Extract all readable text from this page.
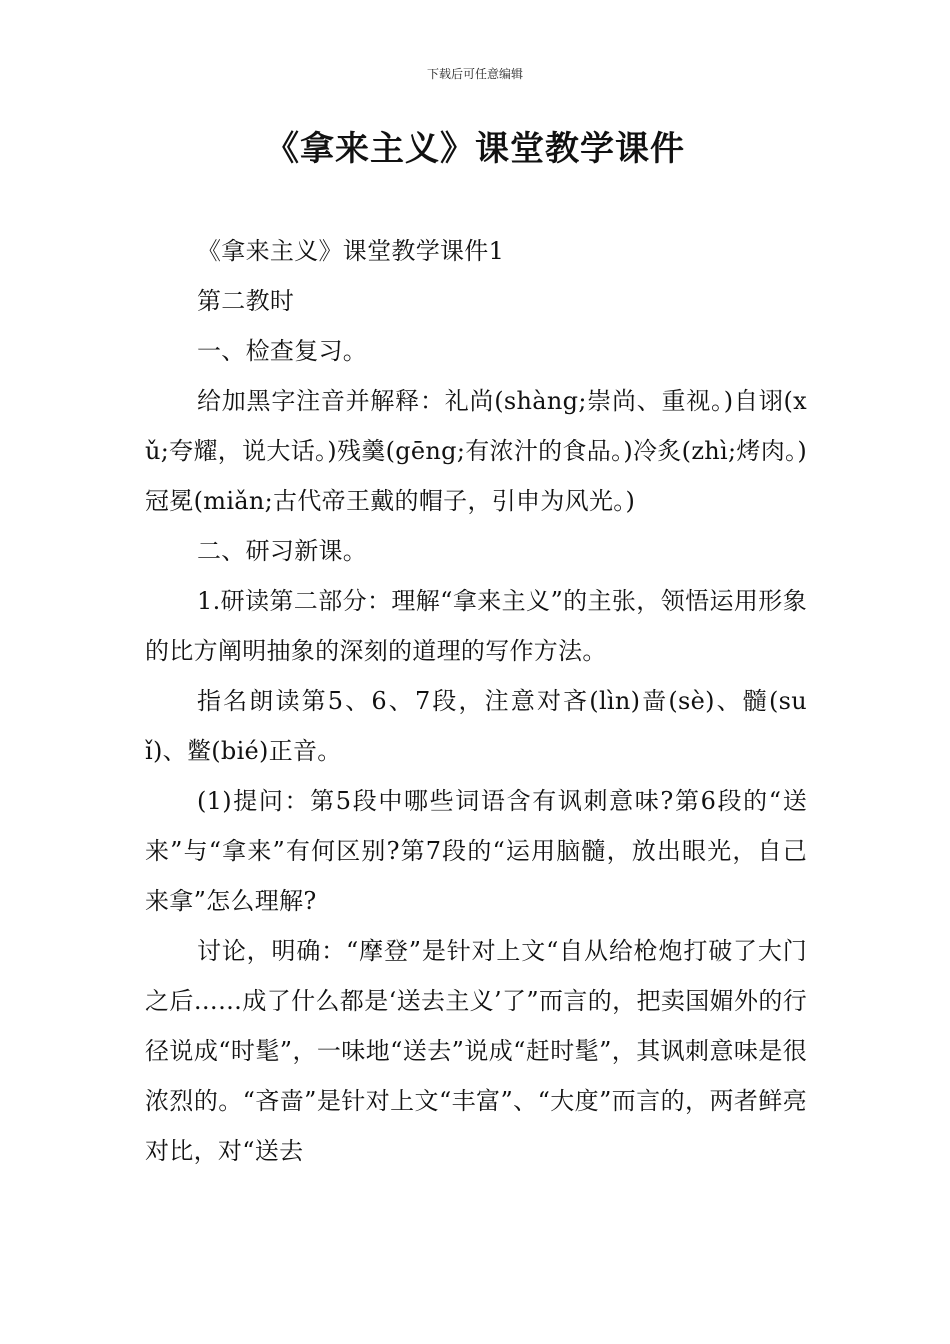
下载后可任意编辑
《拿来主义》课堂教学课件

《拿来主义》课堂教学课件1

第二教时

一、检查复习。

给加黑字注音并解释：礼尚(shàng;崇尚、重视。)自诩(xǔ;夸耀，说大话。)残羹(gēng;有浓汁的食品。)冷炙(zhì;烤肉。)冠冕(miǎn;古代帝王戴的帽子，引申为风光。)

二、研习新课。

1.研读第二部分：理解“拿来主义”的主张，领悟运用形象的比方阐明抽象的深刻的道理的写作方法。

指名朗读第5、6、7段，注意对吝(lìn)啬(sè)、髓(suǐ)、鳖(bié)正音。

(1)提问：第5段中哪些词语含有讽刺意味?第6段的“送来”与“拿来”有何区别?第7段的“运用脑髓，放出眼光，自己来拿”怎么理解?

讨论，明确：“摩登”是针对上文“自从给枪炮打破了大门之后……成了什么都是‘送去主义’了”而言的，把卖国媚外的行径说成“时髦”，一味地“送去”说成“赶时髦”，其讽刺意味是很浓烈的。“吝啬”是针对上文“丰富”、“大度”而言的，两者鲜亮对比，对“送去
